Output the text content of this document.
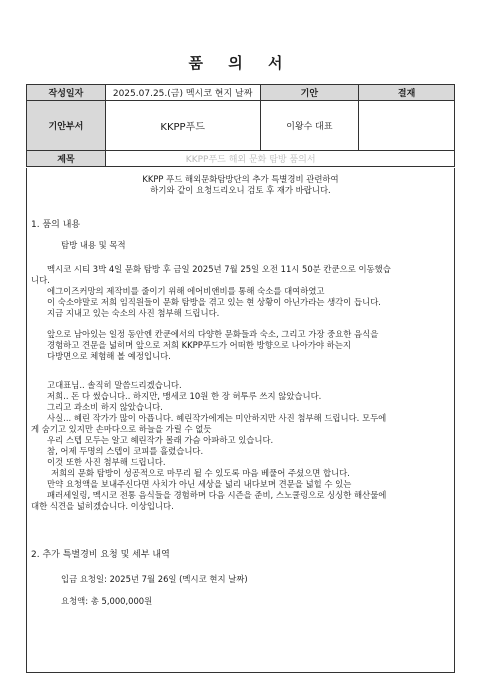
품 의 서
작성일자	2025.07.25.(금) 멕시코 현지 날짜	기안	결재
기안부서	KKPP푸드	이왕수 대표	
제목	KKPP푸드 해외 문화 탐방 품의서		
KKPP 푸드 해외문화탐방단의 추가 특별경비 관련하여
하기와 같이 요청드리오니 검토 후 재가 바랍니다.
1. 품의 내용
탐방 내용 및 목적
멕시코 시티 3박 4일 문화 탐방 후 금일 2025년 7월 25일 오전 11시 50분 칸쿤으로 이동했습
니다.
에그이즈커망의 제작비를 줄이기 위해 에어비앤비를 통해 숙소를 대여하였고
이 숙소야말로 저희 임직원들이 문화 탐방을 겪고 있는 현 상황이 아닌가라는 생각이 듭니다.
지금 지내고 있는 숙소의 사진 첨부해 드립니다.
앞으로 남아있는 일정 동안엔 칸쿤에서의 다양한 문화들과 숙소, 그리고 가장 중요한 음식을
경험하고 견문을 넓히며 앞으로 저희 KKPP푸드가 어떠한 방향으로 나아가야 하는지
다방면으로 체험해 볼 예정입니다.
고대표님.. 솔직히 말씀드리겠습니다.
저희.. 돈 다 썼습니다.. 하지만, 맹세코 10원 한 장 허투루 쓰지 않았습니다.
그리고 과소비 하지 않았습니다.
사실... 혜린 작가가 많이 아픕니다. 혜린작가에게는 미안하지만 사진 첨부해 드립니다. 모두에
게 숨기고 있지만 손마다으로 하늘을 가릴 수 없듯
우리 스텝 모두는 알고 혜린작가 몰래 가슴 아파하고 있습니다.
참, 어제 두명의 스텝이 코피를 흘렸습니다.
이것 또한 사진 첨부해 드립니다.
저희의 문화 탐방이 성공적으로 마무리 될 수 있도록 마음 베풀어 주셨으면 합니다.
만약 요청액을 보내주신다면 사치가 아닌 세상을 넓리 내다보며 견문을 넓힐 수 있는
패러세일링, 멕시코 전통 음식들을 경험하며 다음 시즌을 준비, 스노쿨링으로 싱싱한 해산물에
대한 식견을 넓히겠습니다. 이상입니다.
2. 추가 특별경비 요청 및 세부 내역
입금 요청일: 2025년 7월 26일 (멕시코 현지 날짜)
요청액: 총 5,000,000원
